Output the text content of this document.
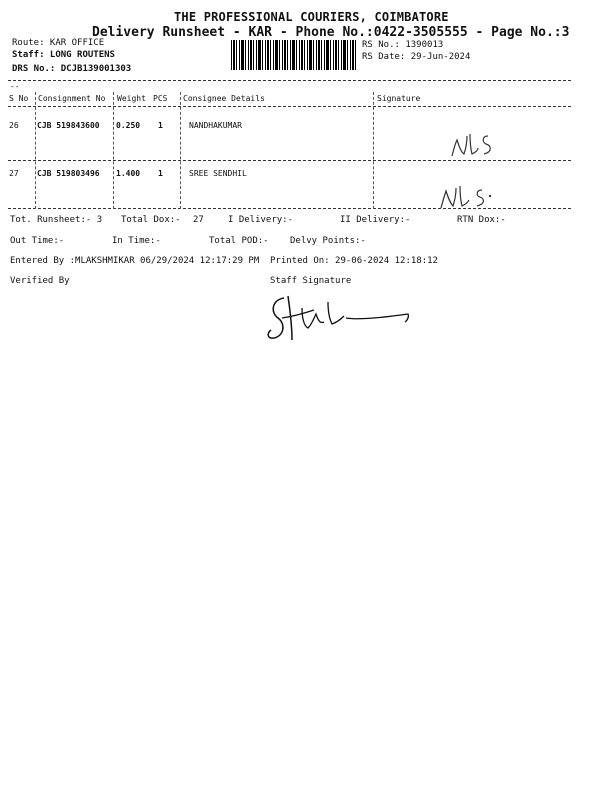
THE PROFESSIONAL COURIERS, COIMBATORE
Delivery Runsheet - KAR - Phone No.:0422-3505555 - Page No.:3
Route: KAR OFFICE
Staff: LONG ROUTENS
DRS No.: DCJB139001303
RS No.: 1390013
RS Date: 29-Jun-2024
--
S No Consignment No Weight PCS Consignee Details	Signature
26 CJB 519843600 0.250 1	NANDHAKUMAR
27 CJB 519803496 1.400 1	SREE SENDHIL
Tot. Runsheet:- 3 Total Dox:- 27	I Delivery:-	II Delivery:-	RTN Dox:-
Out Time:-	In Time:-	Total POD:- Delvy Points:-
Entered By :MLAKSHMIKAR 06/29/2024 12:17:29 PM Printed On: 29-06-2024 12:18:12
Verified By	Staff Signature
